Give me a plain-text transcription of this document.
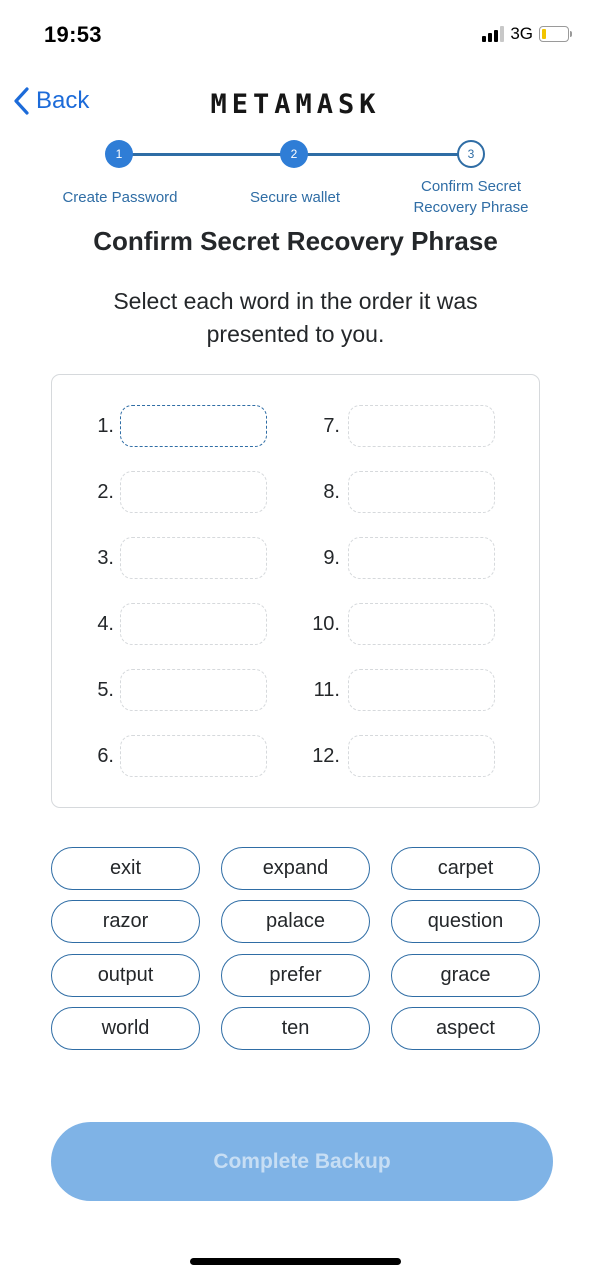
19:53	3G
Back	METAMASK
1	2	3
Create Password	Secure wallet
Confirm Secret Recovery Phrase
Confirm Secret Recovery Phrase
Select each word in the order it was presented to you.
1.
2.
3.
4.
5.
6.
7.
8.
9.
10.
11.
12.
exit	expand	carpet
razor	palace	question
output	prefer	grace
world	ten	aspect
Complete Backup
